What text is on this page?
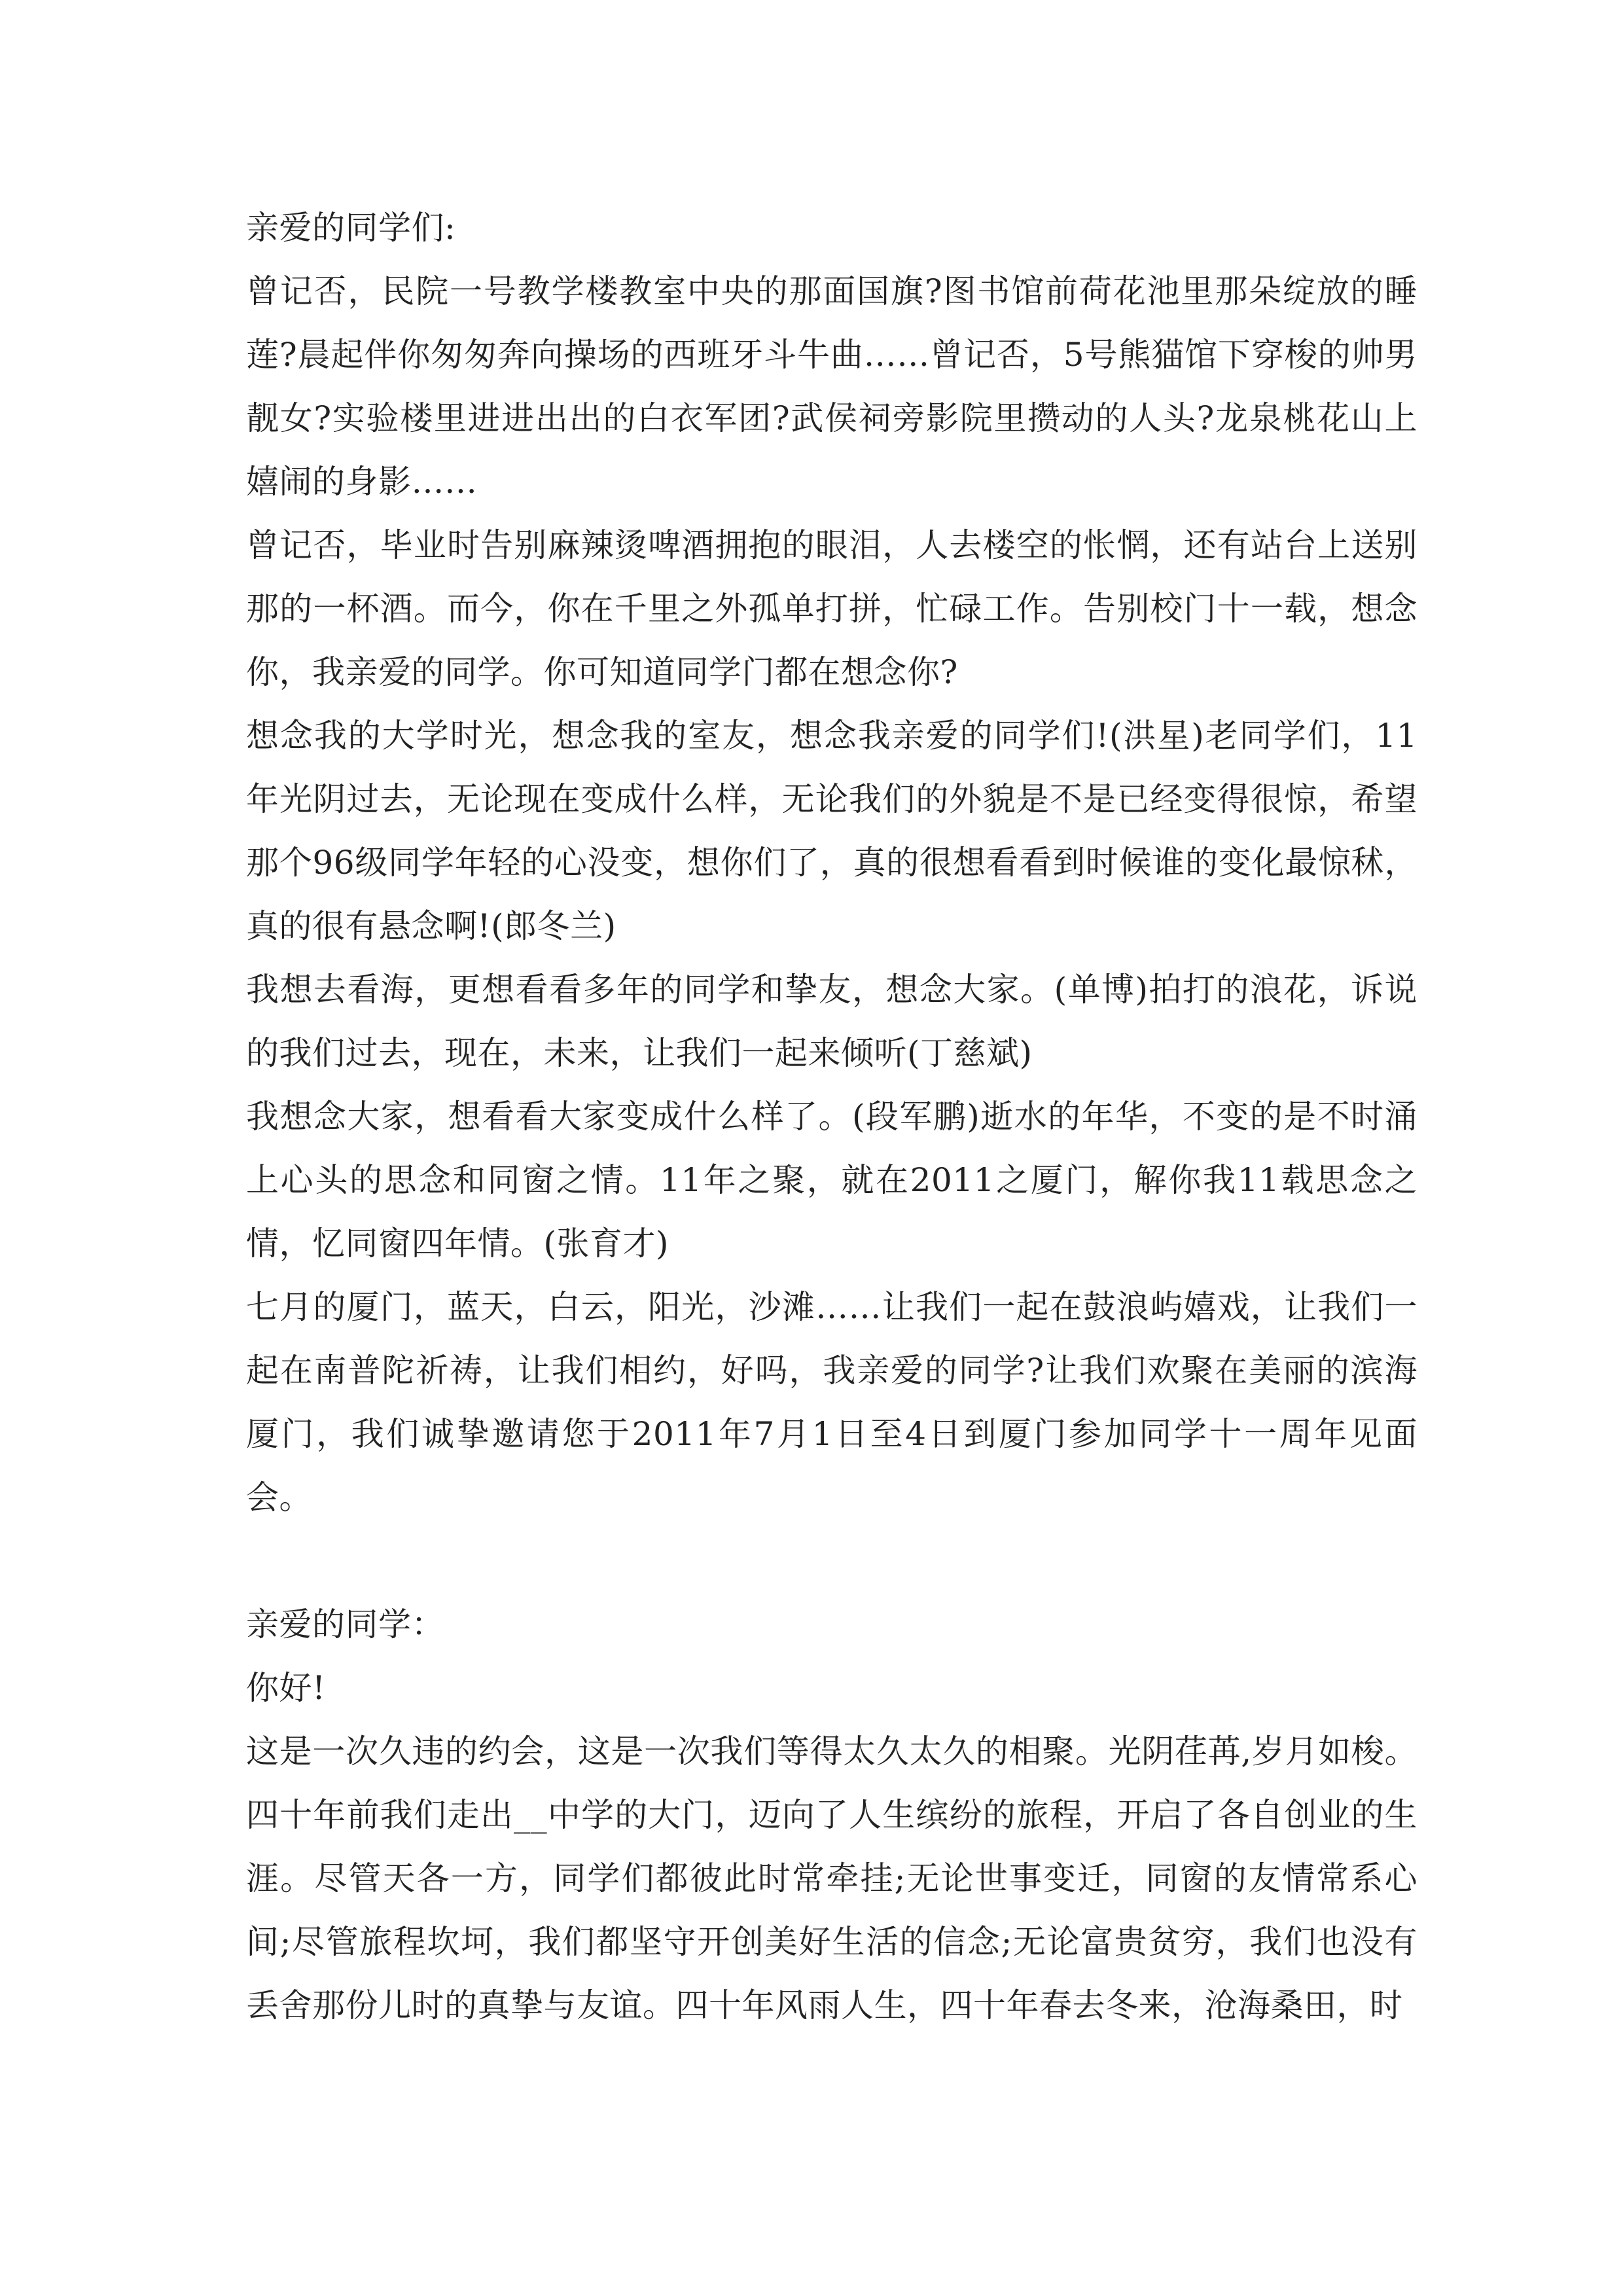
亲爱的同学们:

曾记否，民院一号教学楼教室中央的那面国旗?图书馆前荷花池里那朵绽放的睡莲?晨起伴你匆匆奔向操场的西班牙斗牛曲……曾记否，5号熊猫馆下穿梭的帅男靓女?实验楼里进进出出的白衣军团?武侯祠旁影院里攒动的人头?龙泉桃花山上嬉闹的身影……

曾记否，毕业时告别麻辣烫啤酒拥抱的眼泪，人去楼空的怅惘，还有站台上送别那的一杯酒。而今，你在千里之外孤单打拼，忙碌工作。告别校门十一载，想念你，我亲爱的同学。你可知道同学门都在想念你?

想念我的大学时光，想念我的室友，想念我亲爱的同学们!(洪星)老同学们，11年光阴过去，无论现在变成什么样，无论我们的外貌是不是已经变得很惊，希望那个96级同学年轻的心没变，想你们了，真的很想看看到时候谁的变化最惊秫，真的很有悬念啊!(郎冬兰)

我想去看海，更想看看多年的同学和挚友，想念大家。(单博)拍打的浪花，诉说的我们过去，现在，未来，让我们一起来倾听(丁慈斌)

我想念大家，想看看大家变成什么样了。(段军鹏)逝水的年华，不变的是不时涌上心头的思念和同窗之情。11年之聚，就在2011之厦门，解你我11载思念之情，忆同窗四年情。(张育才)

七月的厦门，蓝天，白云，阳光，沙滩……让我们一起在鼓浪屿嬉戏，让我们一起在南普陀祈祷，让我们相约，好吗，我亲爱的同学?让我们欢聚在美丽的滨海厦门，我们诚挚邀请您于2011年7月1日至4日到厦门参加同学十一周年见面会。

亲爱的同学：

你好!

这是一次久违的约会，这是一次我们等得太久太久的相聚。光阴荏苒,岁月如梭。四十年前我们走出__中学的大门，迈向了人生缤纷的旅程，开启了各自创业的生涯。尽管天各一方，同学们都彼此时常牵挂;无论世事变迁，同窗的友情常系心间;尽管旅程坎坷，我们都坚守开创美好生活的信念;无论富贵贫穷，我们也没有丢舍那份儿时的真挚与友谊。四十年风雨人生，四十年春去冬来，沧海桑田，时
